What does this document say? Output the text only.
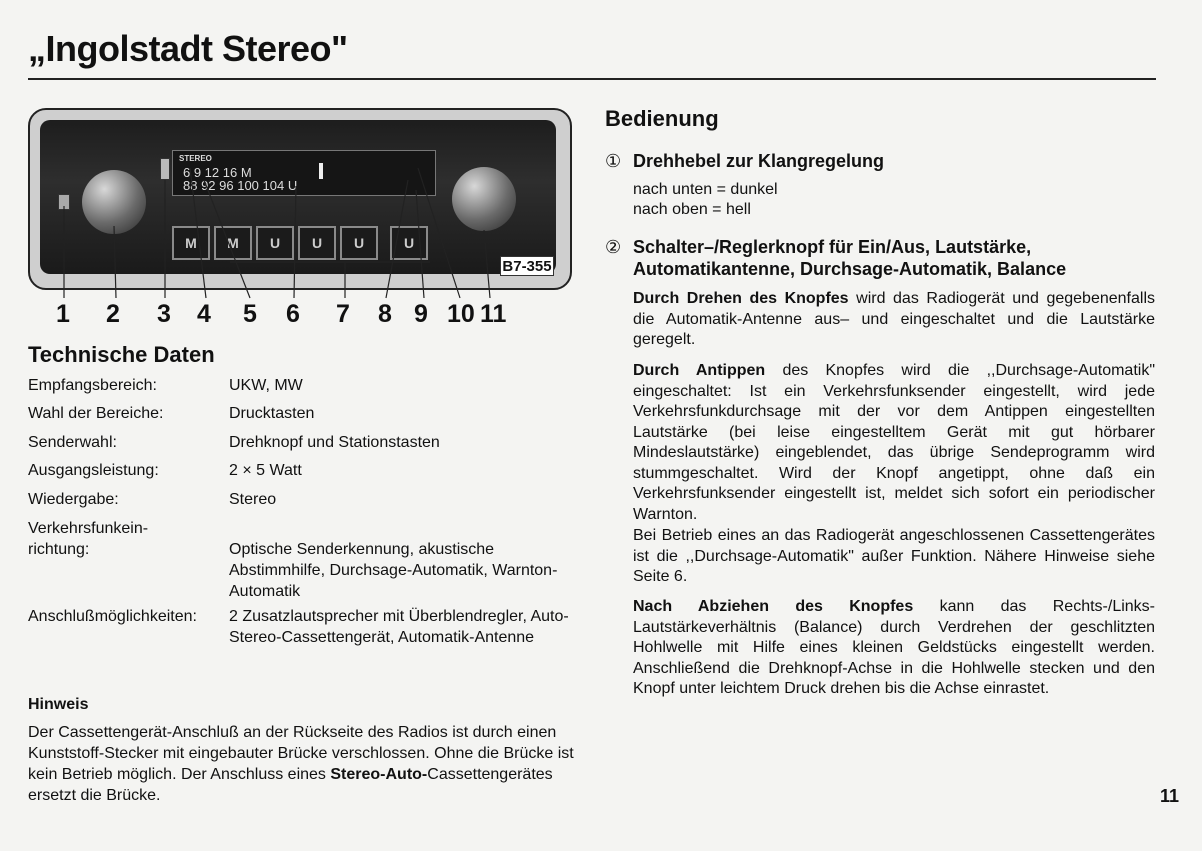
„Ingolstadt Stereo"
STEREO
6 9 12 16 M
88 92 96 100 104 U
M	M	U	U	U	U
B7-355
1 2 3 4 5 6 7 8 9 10 11
Technische Daten
Empfangsbereich:	UKW, MW
Wahl der Bereiche:	Drucktasten
Senderwahl:	Drehknopf und Stationstasten
Ausgangsleistung:	2 × 5 Watt
Wiedergabe:	Stereo
Verkehrsfunkein-
richtung:	Optische Senderkennung, akustische Abstimmhilfe, Durchsage-Automatik, Warnton-Automatik
Anschlußmöglichkeiten: 2 Zusatzlautsprecher mit Überblendregler, Auto-Stereo-Cassettengerät, Automatik-Antenne
Hinweis
Der Cassettengerät-Anschluß an der Rückseite des Radios ist durch einen Kunststoff-Stecker mit eingebauter Brücke verschlossen. Ohne die Brücke ist kein Betrieb möglich. Der Anschluss eines Stereo-Auto-Cassettengerätes ersetzt die Brücke.
Bedienung
① Drehhebel zur Klangregelung
nach unten = dunkel
nach oben = hell
② Schalter–/Reglerknopf für Ein/Aus, Lautstärke, Automatikantenne, Durchsage-Automatik, Balance
Durch Drehen des Knopfes wird das Radiogerät und gegebenenfalls die Automatik-Antenne aus– und eingeschaltet und die Lautstärke geregelt.
Durch Antippen des Knopfes wird die ,,Durchsage-Automatik" eingeschaltet: Ist ein Verkehrsfunksender eingestellt, wird jede Verkehrsfunkdurchsage mit der vor dem Antippen eingestellten Lautstärke (bei leise eingestelltem Gerät mit gut hörbarer Mindeslautstärke) eingeblendet, das übrige Sendeprogramm wird stummgeschaltet. Wird der Knopf angetippt, ohne daß ein Verkehrsfunksender eingestellt ist, meldet sich sofort ein periodischer Warnton.
Bei Betrieb eines an das Radiogerät angeschlossenen Cassettengerätes ist die ,,Durchsage-Automatik" außer Funktion. Nähere Hinweise siehe Seite 6.
Nach Abziehen des Knopfes kann das Rechts-/Links-Lautstärkeverhältnis (Balance) durch Verdrehen der geschlitzten Hohlwelle mit Hilfe eines kleinen Geldstücks eingestellt werden. Anschließend die Drehknopf-Achse in die Hohlwelle stecken und den Knopf unter leichtem Druck drehen bis die Achse einrastet.
11
